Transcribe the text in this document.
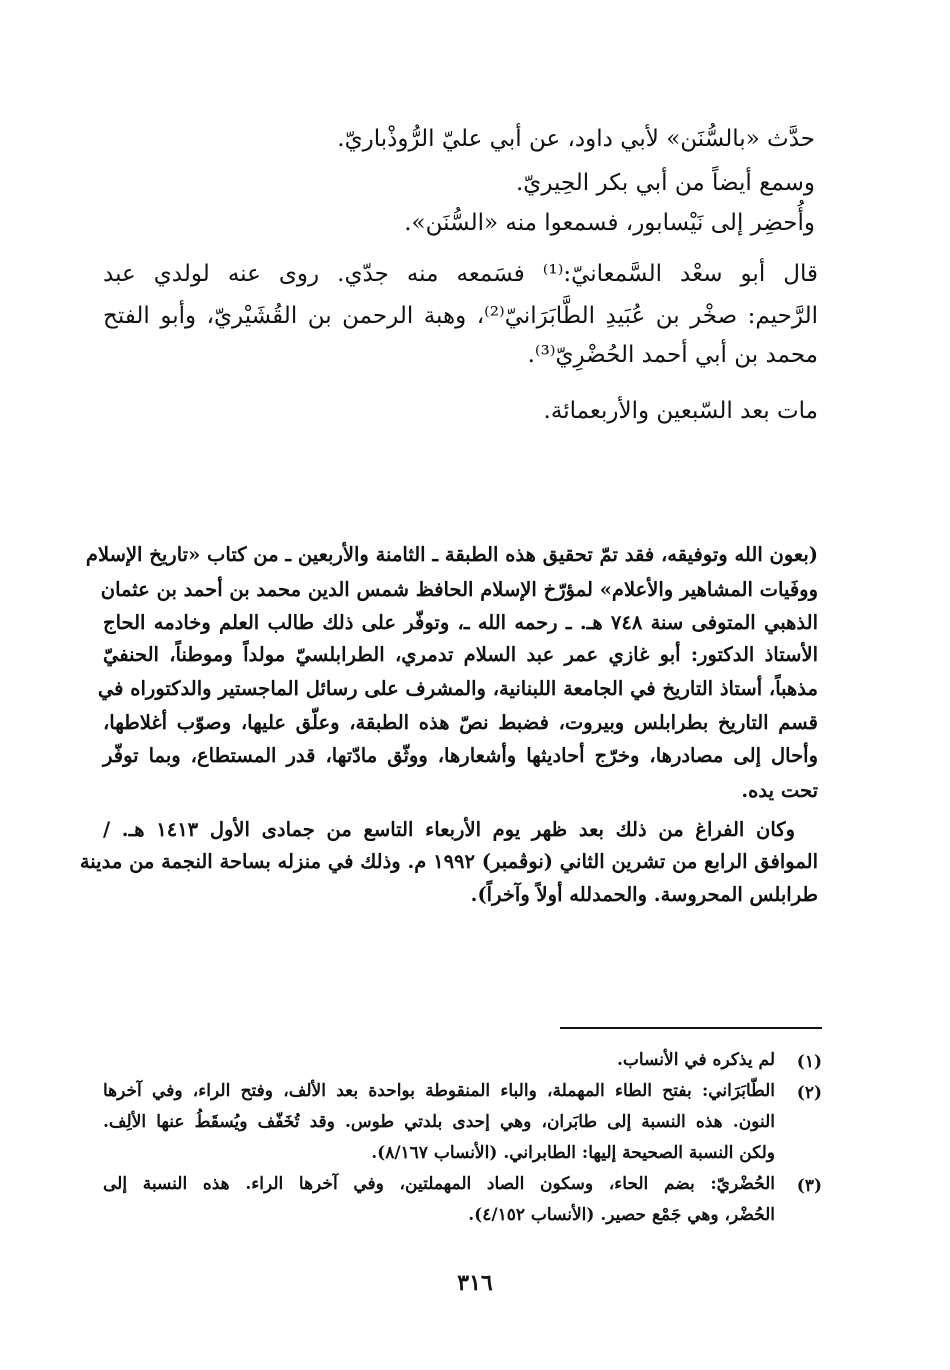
حدَّث «بالسُّنَن» لأبي داود، عن أبي عليّ الرُّوذْباريّ.
وسمع أيضاً من أبي بكر الحِيريّ.
وأُحضِر إلى نَيْسابور، فسمعوا منه «السُّنَن».
قال أبو سعْد السَّمعانيّ:⁽¹⁾ فسَمعه منه جدّي. روى عنه لولدي عبد
الرَّحيم: صخْر بن عُبَيدِ الطَّابَرَانيّ⁽²⁾، وهبة الرحمن بن القُشَيْريّ، وأبو الفتح
محمد بن أبي أحمد الحُضْرِيّ⁽³⁾.
مات بعد السّبعين والأربعمائة.
(بعون الله وتوفيقه، فقد تمّ تحقيق هذه الطبقة ـ الثامنة والأربعين ـ من كتاب «تاريخ الإسلام
ووفَيات المشاهير والأعلام» لمؤرّخ الإسلام الحافظ شمس الدين محمد بن أحمد بن عثمان
الذهبي المتوفى سنة ٧٤٨ هـ. ـ رحمه الله ـ، وتوفّر على ذلك طالب العلم وخادمه الحاج
الأستاذ الدكتور: أبو غازي عمر عبد السلام تدمري، الطرابلسيّ مولداً وموطناً، الحنفيّ
مذهباً، أستاذ التاريخ في الجامعة اللبنانية، والمشرف على رسائل الماجستير والدكتوراه في
قسم التاريخ بطرابلس وبيروت، فضبط نصّ هذه الطبقة، وعلّق عليها، وصوّب أغلاطها،
وأحال إلى مصادرها، وخرّج أحاديثها وأشعارها، ووثّق مادّتها، قدر المستطاع، وبما توفّر
تحت يده.
وكان الفراغ من ذلك بعد ظهر يوم الأربعاء التاسع من جمادى الأول ١٤١٣ هـ. /
الموافق الرابع من تشرين الثاني (نوڤمبر) ١٩٩٢ م. وذلك في منزله بساحة النجمة من مدينة
طرابلس المحروسة. والحمدلله أولاً وآخراً).
(١)
لم يذكره في الأنساب.
(٢)
الطّابَرَاني: بفتح الطاء المهملة، والباء المنقوطة بواحدة بعد الألف، وفتح الراء، وفي آخرها
النون. هذه النسبة إلى طابَران، وهي إحدى بلدتي طوس. وقد تُخَفّف ويُسقَطُ عنها الألِف.
ولكن النسبة الصحيحة إليها: الطابراني. (الأنساب ٨/١٦٧).
(٣)
الحُضْريّ: بضم الحاء، وسكون الصاد المهملتين، وفي آخرها الراء. هذه النسبة إلى
الحُضْر، وهي جَمْع حصير. (الأنساب ٤/١٥٢).
٣١٦
